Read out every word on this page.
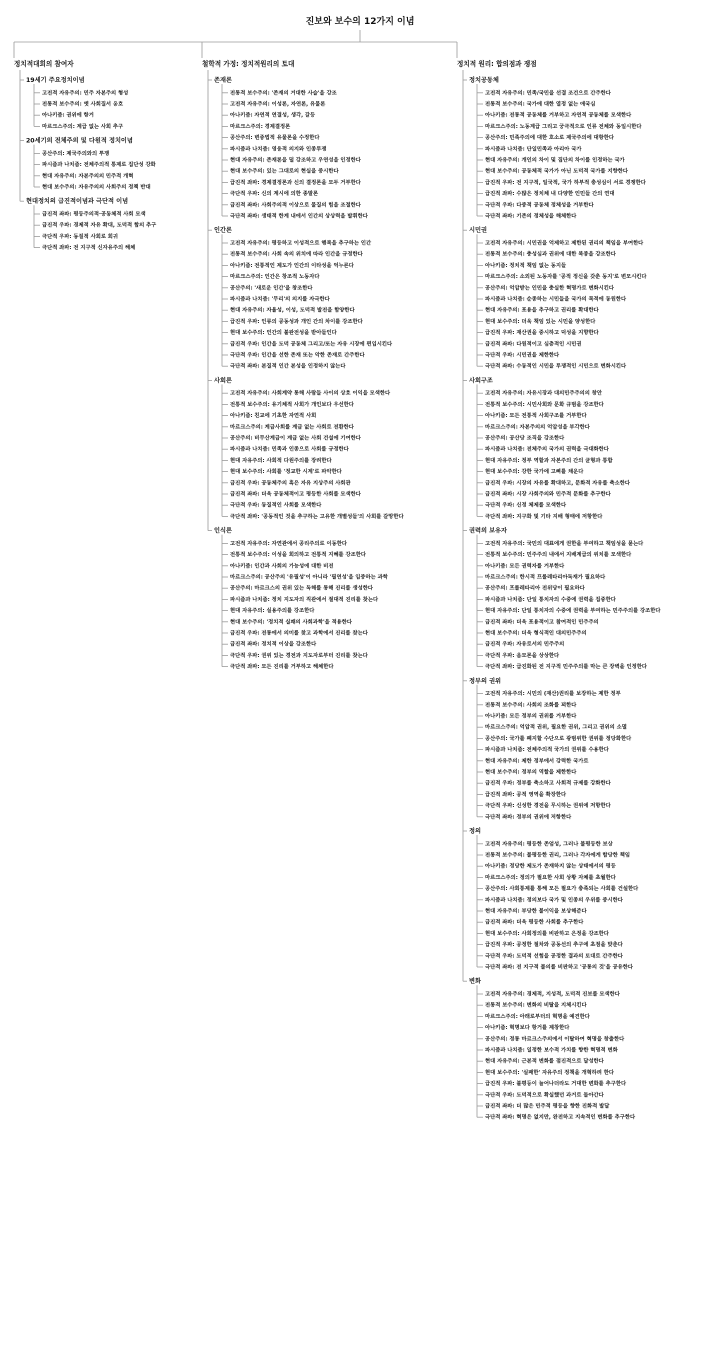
진보와 보수의 12가지 이념
정치적대회의 참여자
19세기 주요정치이념
고전적 자유주의: 민주 자본주의 형성
전통적 보수주의: 옛 사회질서 옹호
아나키즘: 권위에 항거
마르크스주의: 계급 없는 사회 추구
20세기의 전체주의 및 다원적 정치이념
공산주의: 제국주의와의 투쟁
파시즘과 나치즘: 전체주의적 통제로 집단성 강화
현대 자유주의: 자본주의의 민주적 개혁
현대 보수주의: 자유주의의 사회주의 정책 반대
현대정치의 급진적이념과 극단적 이념
급진적 좌파: 평등주의적·공동체적 사회 모색
급진적 우파: 경제적 자유 확대, 도덕적 합의 추구
극단적 우파: 동질적 사회로 회귀
극단적 좌파: 전 지구적 신자유주의 해체
철학적 가정: 정치적원리의 토대
존재론
전통적 보수주의: '존재의 거대한 사슬'을 강조
고전적 자유주의: 이성론, 자연론, 유물론
아나키즘: 자연적 연결성, 생각, 갈등
마르크스주의: 경제결정론
공산주의: 변증법적 유물론을 수정한다
파시즘과 나치즘: 영웅적 의지와 인종투쟁
현대 자유주의: 존재론을 덜 강조하고 우연성을 인정한다
현대 보수주의: 있는 그대로의 현실을 중시한다
급진적 좌파: 경제결정론과 신의 결정론을 모두 거부한다
극단적 우파: 신의 계시에 의한 종말론
급진적 좌파: 사회주의적 이상으로 물질의 힘을 조절한다
극단적 좌파: 생태적 한계 내에서 인간의 상상력을 발휘한다
인간론
고전적 자유주의: 평등하고 이성적으로 행복을 추구하는 인간
전통적 보수주의: 사회 속의 위치에 따라 인간을 규정한다
아나키즘: 전통적인 제도가 인간의 이타성을 억누른다
마르크스주의: 인간은 창조적 노동자다
공산주의: '새로운 인간'을 창조한다
파시즘과 나치즘: '무리'의 의지를 자극한다
현대 자유주의: 자율성, 이성, 도덕적 발전을 함양한다
급진적 우파: 인류의 공동성과 개인 간의 차이를 강조한다
현대 보수주의: 인간의 불완전성을 받아들인다
급진적 우파: 인간을 도덕 공동체 그리고/또는 자유 시장에 편입시킨다
극단적 우파: 인간을 선한 존재 또는 악한 존재로 간주한다
극단적 좌파: 본질적 인간 본성을 인정하지 않는다
사회론
고전적 자유주의: 사회계약 통해 사람들 사이의 상호 이익을 모색한다
전통적 보수주의: 유기체적 사회가 개인보다 우선한다
아나키즘: 친교에 기초한 자연적 사회
마르크스주의: 계급사회를 계급 없는 사회로 전환한다
공산주의: 비무산계급이 계급 없는 사회 건설에 기여한다
파시즘과 나치즘: 민족과 인종으로 사회를 규정한다
현대 자유주의: 사회적 다원주의를 장려한다
현대 보수주의: 사회를 '정교한 시계'로 파악한다
급진적 우파: 공동체주의 혹은 자유 지상주의 사회관
급진적 좌파: 더욱 공동체적이고 평등한 사회를 모색한다
극단적 우파: 동질적인 사회를 모색한다
극단적 좌파: '공동적인 것을 추구하는 고유한 개별성들'의 사회를 갈망한다
인식론
고전적 자유주의: 자연관에서 공리주의로 이동한다
전통적 보수주의: 이성을 회의하고 전통적 지혜를 강조한다
아나키즘: 인간과 사회의 가능성에 대한 비전
마르크스주의: 공산주의 '유필성'이 아니라 '필연성'을 입증하는 과학
공산주의: 마르크스의 권위 있는 독해를 통해 진리를 생성한다
파시즘과 나치즘: 정치 지도자의 직관에서 절대적 진리를 찾는다
현대 자유주의: 실용주의를 강조한다
현대 보수주의: '정치적 실패의 사회과학'을 적용한다
급진적 우파: 전통에서 의미를 찾고 과학에서 진리를 찾는다
급진적 좌파: 정치적 이상을 강조한다
극단적 우파: 권위 있는 경전과 지도자로부터 진리를 찾는다
극단적 좌파: 모든 진리를 거부하고 해체한다
정치적 원리: 합의점과 쟁점
정치공동체
고전적 자유주의: 민족/국민을 선결 조건으로 간주한다
전통적 보수주의: 국가에 대한 열정 없는 애국심
아나키즘: 전통적 공동체를 거부하고 자연적 공동체를 모색한다
마르크스주의: 노동계급 그리고 궁극적으로 인류 전체와 동일시한다
공산주의: 민족주의에 대한 호소로 제국주의에 대항한다
파시즘과 나치즘: 단일민족과 아리아 국가
현대 자유주의: 개인의 차이 및 집단의 차이를 인정하는 국가
현대 보수주의: 공동체적 국가가 아닌 도덕적 국가를 지향한다
급진적 우파: 전 지구적, 일국적, 국가 하부적 충성심이 서로 경쟁한다
급진적 좌파: 수많은 정치체 내 다양한 인민들 간의 연대
극단적 우파: 다중적 공동체 정체성을 거부한다
극단적 좌파: 기존의 정체성을 해체한다
시민권
고전적 자유주의: 시민권을 억제하고 제한된 권리의 책임을 부여한다
전통적 보수주의: 충성심과 권위에 대한 복종을 강조한다
아나키즘: 정치적 책임 없는 동지들
마르크스주의: 소외된 노동자를 '공적 정신을 갖춘 동지'로 변모시킨다
공산주의: 억압받는 인민을 충실한 혁명가로 변화시킨다
파시즘과 나치즘: 순종하는 시민들을 국가의 목적에 동원한다
현대 자유주의: 포용을 추구하고 권리를 확대한다
현대 보수주의: 더욱 책임 있는 시민을 양성한다
급진적 우파: 재산권을 중시하고 덕성을 지향한다
급진적 좌파: 다원적이고 심층적인 시민권
극단적 우파: 시민권을 제한한다
극단적 좌파: 수동적인 시민을 투쟁적인 시민으로 변화시킨다
사회구조
고전적 자유주의: 자유시장과 대의민주주의의 창안
전통적 보수주의: 시민사회와 문화 규범을 강조한다
아나키즘: 모든 전통적 사회구조를 거부한다
마르크스주의: 자본주의의 억압성을 부각한다
공산주의: 공산당 조직을 강조한다
파시즘과 나치즘: 전체주의 국가의 권력을 극대화한다
현대 자유주의: 정부 역할과 자본주의 간의 균형과 통합
현대 보수주의: 강한 국가에 고삐를 채운다
급진적 우파: 시장의 자유를 확대하고, 문화적 자유를 축소한다
급진적 좌파: 시장 사회주의와 민주적 문화를 추구한다
극단적 우파: 신정 체제를 모색한다
극단적 좌파: 지구화 및 기타 지배 형태에 저항한다
권력의 보유자
고전적 자유주의: 국민의 대표에게 권한을 부여하고 책임성을 묻는다
전통적 보수주의: 민주주의 내에서 지배계급의 위치를 모색한다
아나키즘: 모든 권력자를 거부한다
마르크스주의: 한시적 프롤레타리아독재가 필요하다
공산주의: 프롤레타리아 전위당이 필요하다
파시즘과 나치즘: 단일 통치자의 수중에 권력을 집중한다
현대 자유주의: 단일 통치자의 수중에 권력을 부여하는 민주주의를 강조한다
급진적 좌파: 더욱 포용적이고 참여적인 민주주의
현대 보수주의: 더욱 형식적인 대의민주주의
급진적 우파: 자유로서의 민주주의
극단적 우파: 음모론을 상상한다
극단적 좌파: 급진화된 전 지구적 민주주의를 막는 큰 장벽을 인정한다
정부의 권위
고전적 자유주의: 시민의 (재산)권리를 보장하는 제한 정부
전통적 보수주의: 사회의 조화를 꾀한다
아나키즘: 모든 정부의 권위를 거부한다
마르크스주의: 억압적 권위, 필요한 권위, 그리고 권위의 소멸
공산주의: 국가를 폐지할 수단으로 광범위한 권위를 정당화한다
파시즘과 나치즘: 전체주의적 국가의 권위를 수용한다
현대 자유주의: 제한 정부에서 강력한 국가로
현대 보수주의: 정부의 역할을 제한한다
급진적 우파: 정부를 축소하고 사회적 규제를 강화한다
급진적 좌파: 공적 영역을 확장한다
극단적 우파: 신성한 경전을 무시하는 권위에 저항한다
극단적 좌파: 정부의 권위에 저항한다
정의
고전적 자유주의: 평등한 존엄성, 그러나 불평등한 보상
전통적 보수주의: 불평등한 권리, 그러나 각자에게 합당한 책임
아나키즘: 정당한 제도가 존재하지 않는 상태에서의 평등
마르크스주의: 정의가 필요한 사회 상황 자체를 초월한다
공산주의: 사회통제를 통해 모든 필요가 충족되는 사회를 건설한다
파시즘과 나치즘: 정의보다 국가 및 인종의 우위를 중시한다
현대 자유주의: 부당한 불이익을 보상해준다
급진적 좌파: 더욱 평등한 사회를 추구한다
현대 보수주의: 사회정의를 비판하고 은정을 강조한다
급진적 우파: 공정한 절차와 공동선의 추구에 초점을 맞춘다
극단적 우파: 도덕적 선험을 공정한 결과의 토대로 간주한다
극단적 좌파: 전 지구적 불의를 비판하고 '공통의 것'을 공유한다
변화
고전적 자유주의: 경제적, 지성적, 도덕적 진보를 모색한다
전통적 보수주의: 변화의 비탈을 지체시킨다
마르크스주의: 아래로부터의 혁명을 예견한다
아나키즘: 혁명보다 항거를 제창한다
공산주의: 정통 마르크스주의에서 이탈하여 혁명을 창출한다
파시즘과 나치즘: 일정한 보수적 가치를 향한 혁명적 변화
현대 자유주의: 근본적 변화를 점진적으로 달성한다
현대 보수주의: '실패한' 자유주의 정책을 개혁하려 한다
급진적 우파: 불평등이 늘어나더라도 거대한 변화를 추구한다
극단적 우파: 도덕적으로 확실했던 과거로 돌아간다
급진적 좌파: 더 많은 민주적 평등을 향한 진화적 발달
극단적 좌파: 혁명은 없지만, 완전하고 지속적인 변화를 추구한다
